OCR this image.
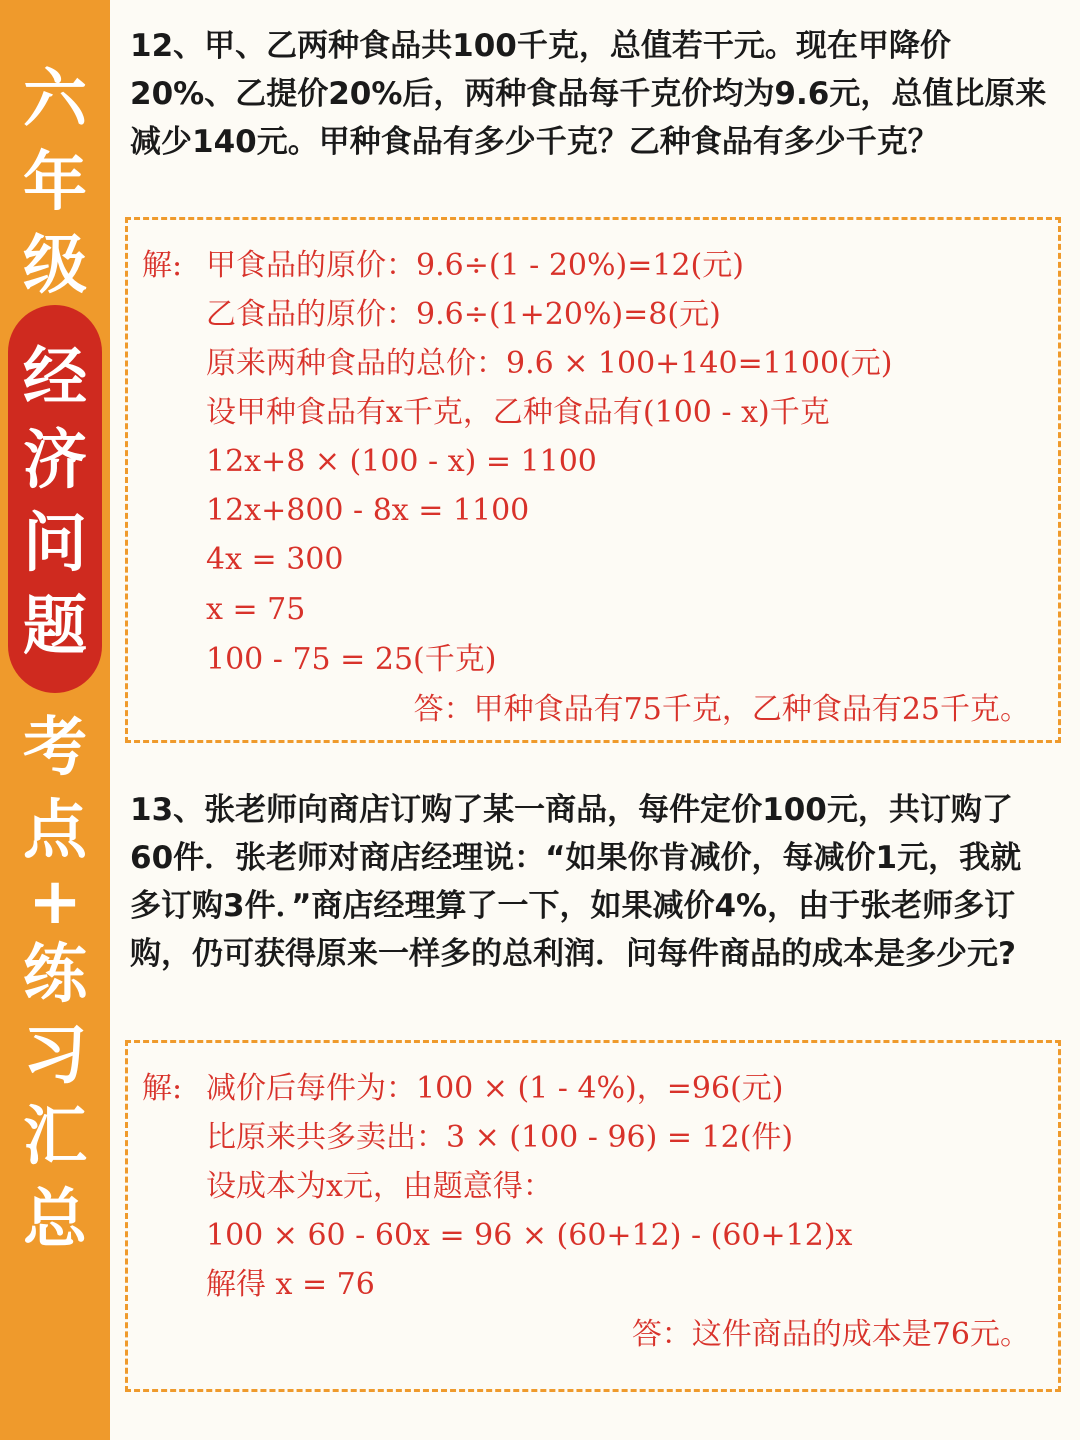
六
年
级
经
济
问
题
考
点
+
练
习
汇
总

12、甲、乙两种食品共100千克，总值若干元。现在甲降价20%、乙提价20%后，两种食品每千克价均为9.6元，总值比原来减少140元。甲种食品有多少千克？乙种食品有多少千克？

解: 甲食品的原价：9.6÷(1 - 20%)=12(元)
乙食品的原价：9.6÷(1+20%)=8(元)
原来两种食品的总价：9.6 × 100+140=1100(元)
设甲种食品有x千克，乙种食品有(100 - x)千克
12x+8 × (100 - x) = 1100
12x+800 - 8x = 1100
4x = 300
x = 75
100 - 75 = 25(千克)
答：甲种食品有75千克，乙种食品有25千克。

13、张老师向商店订购了某一商品，每件定价100元，共订购了60件．张老师对商店经理说：“如果你肯减价，每减价1元，我就多订购3件．”商店经理算了一下，如果减价4%，由于张老师多订购，仍可获得原来一样多的总利润．问每件商品的成本是多少元?

解: 减价后每件为：100 × (1 - 4%)，=96(元)
比原来共多卖出：3 × (100 - 96) = 12(件)
设成本为x元，由题意得：
100 × 60 - 60x = 96 × (60+12) - (60+12)x
解得 x = 76
答：这件商品的成本是76元。
